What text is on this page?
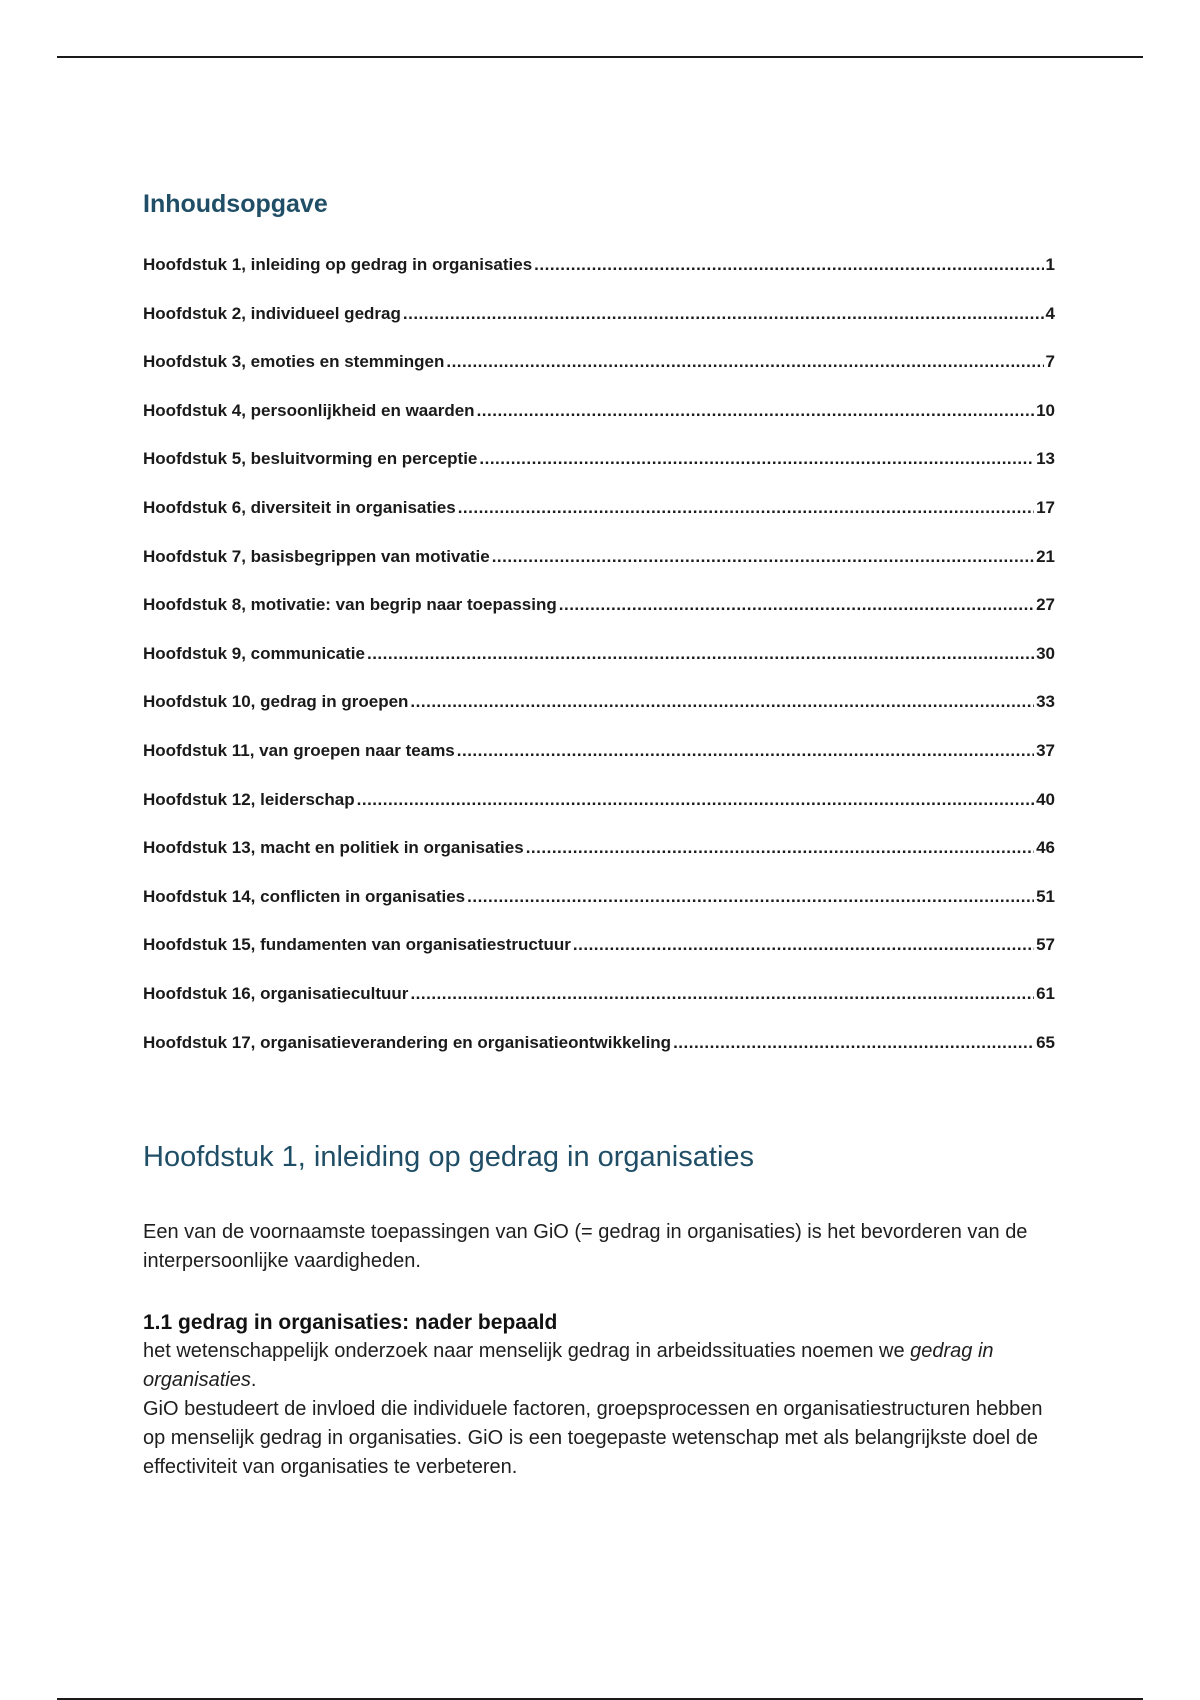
Inhoudsopgave
Hoofdstuk 1, inleiding op gedrag in organisaties .....	1
Hoofdstuk 2, individueel gedrag .....	4
Hoofdstuk 3, emoties en stemmingen .....	7
Hoofdstuk 4, persoonlijkheid en waarden .....	10
Hoofdstuk 5, besluitvorming en perceptie .....	13
Hoofdstuk 6, diversiteit in organisaties .....	17
Hoofdstuk 7, basisbegrippen van motivatie .....	21
Hoofdstuk 8, motivatie: van begrip naar toepassing .....	27
Hoofdstuk 9, communicatie .....	30
Hoofdstuk 10, gedrag in groepen .....	33
Hoofdstuk 11, van groepen naar teams .....	37
Hoofdstuk 12, leiderschap .....	40
Hoofdstuk 13, macht en politiek in organisaties .....	46
Hoofdstuk 14, conflicten in organisaties .....	51
Hoofdstuk 15, fundamenten van organisatiestructuur .....	57
Hoofdstuk 16, organisatiecultuur .....	61
Hoofdstuk 17, organisatieverandering en organisatieontwikkeling .....	65
Hoofdstuk 1, inleiding op gedrag in organisaties

Een van de voornaamste toepassingen van GiO (= gedrag in organisaties) is het bevorderen van de interpersoonlijke vaardigheden.

1.1 gedrag in organisaties: nader bepaald

het wetenschappelijk onderzoek naar menselijk gedrag in arbeidssituaties noemen we gedrag in organisaties.

GiO bestudeert de invloed die individuele factoren, groepsprocessen en organisatiestructuren hebben op menselijk gedrag in organisaties. GiO is een toegepaste wetenschap met als belangrijkste doel de effectiviteit van organisaties te verbeteren.
